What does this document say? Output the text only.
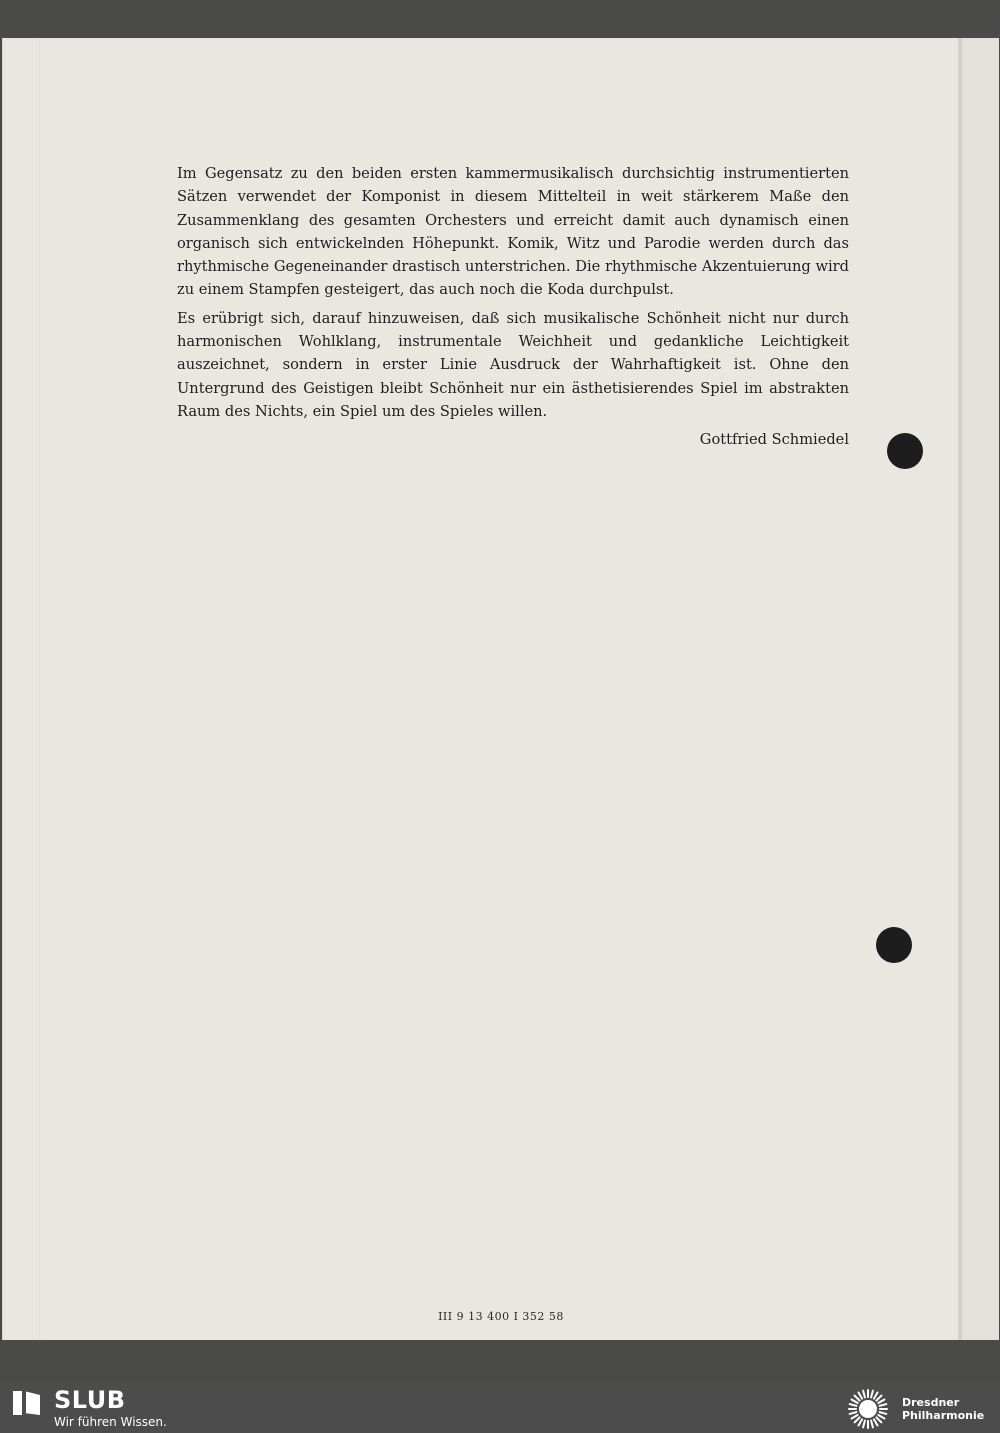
Im Gegensatz zu den beiden ersten kammermusikalisch durchsichtig instrumentierten Sätzen verwendet der Komponist in diesem Mittelteil in weit stärkerem Maße den Zusammenklang des gesamten Orchesters und erreicht damit auch dynamisch einen organisch sich entwickelnden Höhepunkt. Komik, Witz und Parodie werden durch das rhythmische Gegeneinander drastisch unterstrichen. Die rhythmische Akzentuierung wird zu einem Stampfen gesteigert, das auch noch die Koda durchpulst.

Es erübrigt sich, darauf hinzuweisen, daß sich musikalische Schönheit nicht nur durch harmonischen Wohlklang, instrumentale Weichheit und gedankliche Leichtigkeit auszeichnet, sondern in erster Linie Ausdruck der Wahrhaftigkeit ist. Ohne den Untergrund des Geistigen bleibt Schönheit nur ein ästhetisierendes Spiel im abstrakten Raum des Nichts, ein Spiel um des Spieles willen.

Gottfried Schmiedel
III 9 13 400 I 352 58
SLUB
Wir führen Wissen.
Dresdner
Philharmonie
